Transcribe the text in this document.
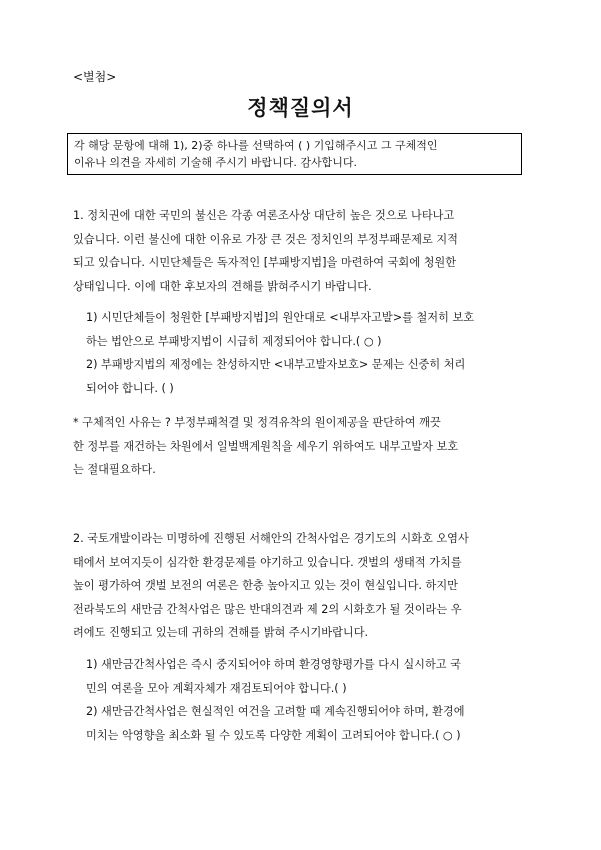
<별첨>
정책질의서
각 해당 문항에 대해 1), 2)중 하나를 선택하여 ( ) 기입해주시고 그 구체적인
이유나 의견을 자세히 기술해 주시기 바랍니다. 감사합니다.
1. 정치권에 대한 국민의 불신은 각종 여론조사상 대단히 높은 것으로 나타나고
있습니다. 이런 불신에 대한 이유로 가장 큰 것은 정치인의 부정부패문제로 지적
되고 있습니다. 시민단체들은 독자적인 [부패방지법]을 마련하여 국회에 청원한
상태입니다. 이에 대한 후보자의 견해를 밝혀주시기 바랍니다.
1) 시민단체들이 청원한 [부패방지법]의 원안대로 <내부자고발>를 철저히 보호
하는 법안으로 부패방지법이 시급히 제정되어야 합니다.( ○ )
2) 부패방지법의 제정에는 찬성하지만 <내부고발자보호> 문제는 신중히 처리
되어야 합니다. ( )
* 구체적인 사유는 ? 부정부패척결 및 정격유착의 원이제공을 판단하여 깨끗
한 정부를 재건하는 차원에서 일벌백계원칙을 세우기 위하여도 내부고발자 보호
는 절대필요하다.
2. 국토개발이라는 미명하에 진행된 서해안의 간척사업은 경기도의 시화호 오염사
태에서 보여지듯이 심각한 환경문제를 야기하고 있습니다. 갯벌의 생태적 가치를
높이 평가하여 갯벌 보전의 여론은 한층 높아지고 있는 것이 현실입니다. 하지만
전라북도의 새만금 간척사업은 많은 반대의견과 제 2의 시화호가 될 것이라는 우
려에도 진행되고 있는데 귀하의 견해를 밝혀 주시기바랍니다.
1) 새만금간척사업은 즉시 중지되어야 하며 환경영향평가를 다시 실시하고 국
민의 여론을 모아 계획자체가 재검토되어야 합니다.( )
2) 새만금간척사업은 현실적인 여건을 고려할 때 계속진행되어야 하며, 환경에
미치는 악영향을 최소화 될 수 있도록 다양한 계획이 고려되어야 합니다.( ○ )
